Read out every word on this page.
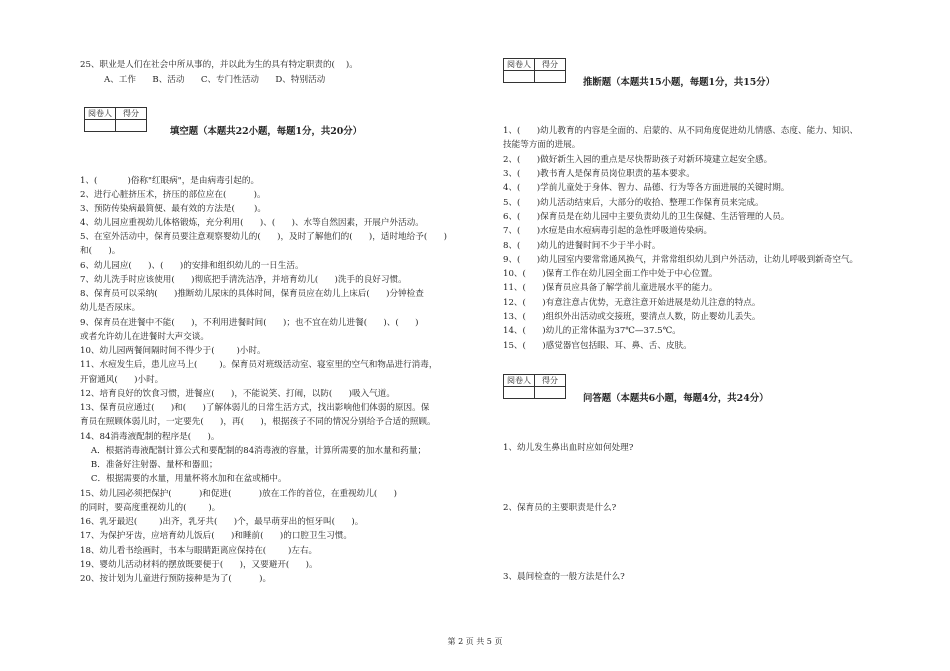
25、职业是人们在社会中所从事的，并以此为生的具有特定职责的(    )。
A、工作      B、活动      C、专门性活动      D、特别活动
阅卷人	得分

填空题（本题共22小题，每题1分，共20分）
1、(           )俗称"红眼病"，是由病毒引起的。
2、进行心脏挤压术，挤压的部位应在(          )。
3、预防传染病最简便、最有效的方法是(       )。
4、幼儿园应重视幼儿体格锻炼，充分利用(      )、(      )、水等自然因素，开展户外活动。
5、在室外活动中，保育员要注意观察婴幼儿的(      )，及时了解他们的(      )，适时地给予(      )
和(      )。
6、幼儿园应(      )、(      )的安排和组织幼儿的一日生活。
7、幼儿洗手时应该使用(      )彻底把手清洗洁净，并培育幼儿(      )洗手的良好习惯。
8、保育员可以采纳(      )推断幼儿尿床的具体时间，保育员应在幼儿上床后(      )分钟检查
幼儿是否尿床。
9、保育员在进餐中不能(      )，不利用进餐时间(      )；也不宜在幼儿进餐(      )、(      )
或者允许幼儿在进餐时大声交谈。
10、幼儿园两餐间隔时间不得少于(        )小时。
11、水痘发生后，患儿应马上(        )。保育员对班级活动室、寝室里的空气和物品进行消毒，
开窗通风(      )小时。
12、培育良好的饮食习惯，进餐应(      )，不能说笑、打闹，以防(      )吸入气道。
13、保育员应通过(      )和(      )了解体弱儿的日常生活方式，找出影响他们体弱的原因。保
育员在照顾体弱儿时，一定要先(      )，再(      )，根据孩子不同的情况分别给予合适的照顾。
14、84消毒液配制的程序是(      )。
A．根据消毒液配制计算公式和要配制的84消毒液的容量，计算所需要的加水量和药量；
B．准备好注射器、量杯和器皿；
C．根据需要的水量，用量杯将水加和在盆或桶中。
15、幼儿园必须把保护(          )和促进(          )放在工作的首位，在重视幼儿(      )
的同时，要高度重视幼儿的(        )。
16、乳牙最迟(        )出齐，乳牙共(      )个，最早萌芽出的恒牙叫(      )。
17、为保护牙齿，应培育幼儿饭后(      )和睡前(      )的口腔卫生习惯。
18、幼儿看书绘画时，书本与眼睛距离应保持在(        )左右。
19、婴幼儿活动材料的摆放既要便于(      )，又要避开(      )。
20、按计划为儿童进行预防接种是为了(          )。
阅卷人	得分

推断题（本题共15小题，每题1分，共15分）
1、(      )幼儿教育的内容是全面的、启蒙的、从不同角度促进幼儿情感、态度、能力、知识、
技能等方面的进展。
2、(      )做好新生入园的重点是尽快帮助孩子对新环境建立起安全感。
3、(      )教书育人是保育员岗位职责的基本要求。
4、(      )学前儿童处于身体、智力、品德、行为等各方面进展的关键时期。
5、(      )幼儿活动结束后，大部分的收拾、整理工作保育员来完成。
6、(      )保育员是在幼儿园中主要负责幼儿的卫生保健、生活管理的人员。
7、(      )水痘是由水痘病毒引起的急性呼吸道传染病。
8、(      )幼儿的进餐时间不少于半小时。
9、(      )幼儿园室内要常常通风换气，并常常组织幼儿到户外活动，让幼儿呼吸到新奇空气。
10、(      )保育工作在幼儿园全面工作中处于中心位置。
11、(      )保育员应具备了解学前儿童进展水平的能力。
12、(      )有意注意占优势，无意注意开始进展是幼儿注意的特点。
13、(      )组织外出活动或交接班，要清点人数，防止婴幼儿丢失。
14、(      )幼儿的正常体温为37℃—37.5℃。
15、(      )感觉器官包括眼、耳、鼻、舌、皮肤。
阅卷人	得分

问答题（本题共6小题，每题4分，共24分）
1、幼儿发生鼻出血时应如何处理?
2、保育员的主要职责是什么?
3、晨间检查的一般方法是什么?
第 2 页 共 5 页
